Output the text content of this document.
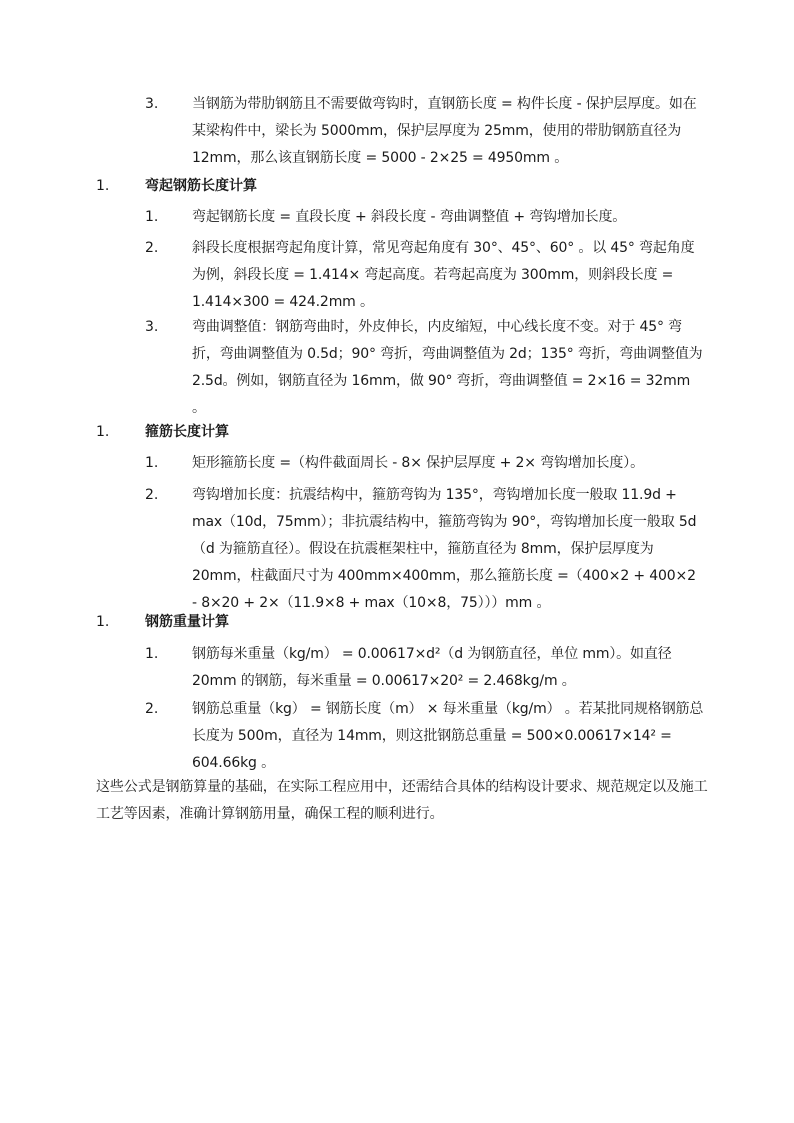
3. 当钢筋为带肋钢筋且不需要做弯钩时，直钢筋长度 = 构件长度 - 保护层厚度。如在某梁构件中，梁长为 5000mm，保护层厚度为 25mm，使用的带肋钢筋直径为 12mm，那么该直钢筋长度 = 5000 - 2×25 = 4950mm 。
1.	弯起钢筋长度计算
1. 弯起钢筋长度 = 直段长度 + 斜段长度 - 弯曲调整值 + 弯钩增加长度。
2. 斜段长度根据弯起角度计算，常见弯起角度有 30°、45°、60° 。以 45° 弯起角度为例，斜段长度 = 1.414× 弯起高度。若弯起高度为 300mm，则斜段长度 = 1.414×300 = 424.2mm 。
3. 弯曲调整值：钢筋弯曲时，外皮伸长，内皮缩短，中心线长度不变。对于 45° 弯折，弯曲调整值为 0.5d；90° 弯折，弯曲调整值为 2d；135° 弯折，弯曲调整值为 2.5d。例如，钢筋直径为 16mm，做 90° 弯折，弯曲调整值 = 2×16 = 32mm 。
1.	箍筋长度计算
1. 矩形箍筋长度 =（构件截面周长 - 8× 保护层厚度 + 2× 弯钩增加长度）。
2. 弯钩增加长度：抗震结构中，箍筋弯钩为 135°，弯钩增加长度一般取 11.9d + max（10d，75mm）；非抗震结构中，箍筋弯钩为 90°，弯钩增加长度一般取 5d（d 为箍筋直径）。假设在抗震框架柱中，箍筋直径为 8mm，保护层厚度为 20mm，柱截面尺寸为 400mm×400mm，那么箍筋长度 =（400×2 + 400×2 - 8×20 + 2×（11.9×8 + max（10×8，75）））mm 。
1.	钢筋重量计算
1. 钢筋每米重量（kg/m） = 0.00617×d²（d 为钢筋直径，单位 mm）。如直径 20mm 的钢筋，每米重量 = 0.00617×20² = 2.468kg/m 。
2. 钢筋总重量（kg） = 钢筋长度（m） × 每米重量（kg/m） 。若某批同规格钢筋总长度为 500m，直径为 14mm，则这批钢筋总重量 = 500×0.00617×14² = 604.66kg 。
这些公式是钢筋算量的基础，在实际工程应用中，还需结合具体的结构设计要求、规范规定以及施工工艺等因素，准确计算钢筋用量，确保工程的顺利进行。
